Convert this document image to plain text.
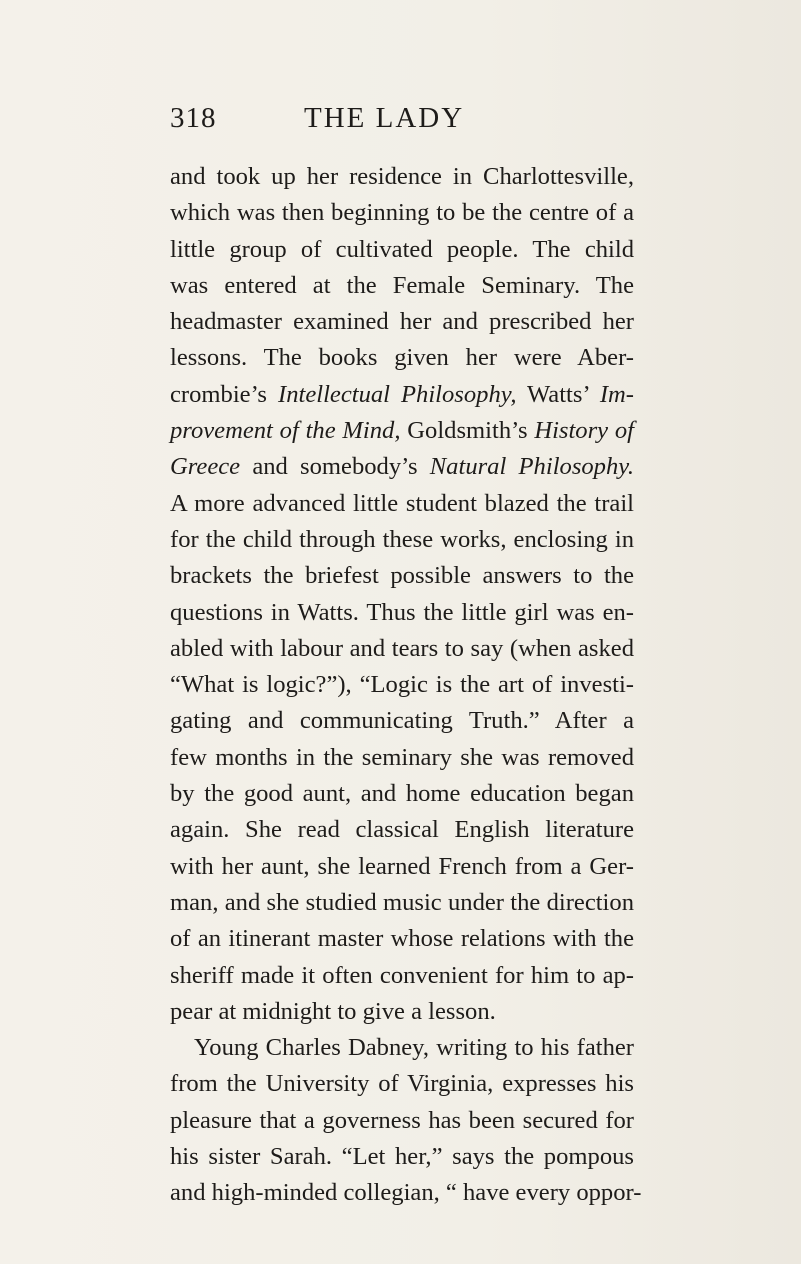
318	THE LADY
and took up her residence in Charlottesville,
which was then beginning to be the centre of a
little group of cultivated people. The child
was entered at the Female Seminary. The
headmaster examined her and prescribed her
lessons. The books given her were Aber-
crombie’s Intellectual Philosophy, Watts’ Im-
provement of the Mind, Goldsmith’s History of
Greece and somebody’s Natural Philosophy.
A more advanced little student blazed the trail
for the child through these works, enclosing in
brackets the briefest possible answers to the
questions in Watts. Thus the little girl was en-
abled with labour and tears to say (when asked
“What is logic?”), “Logic is the art of investi-
gating and communicating Truth.” After a
few months in the seminary she was removed
by the good aunt, and home education began
again. She read classical English literature
with her aunt, she learned French from a Ger-
man, and she studied music under the direction
of an itinerant master whose relations with the
sheriff made it often convenient for him to ap-
pear at midnight to give a lesson.
Young Charles Dabney, writing to his father
from the University of Virginia, expresses his
pleasure that a governess has been secured for
his sister Sarah. “Let her,” says the pompous
and high-minded collegian, “ have every oppor-
